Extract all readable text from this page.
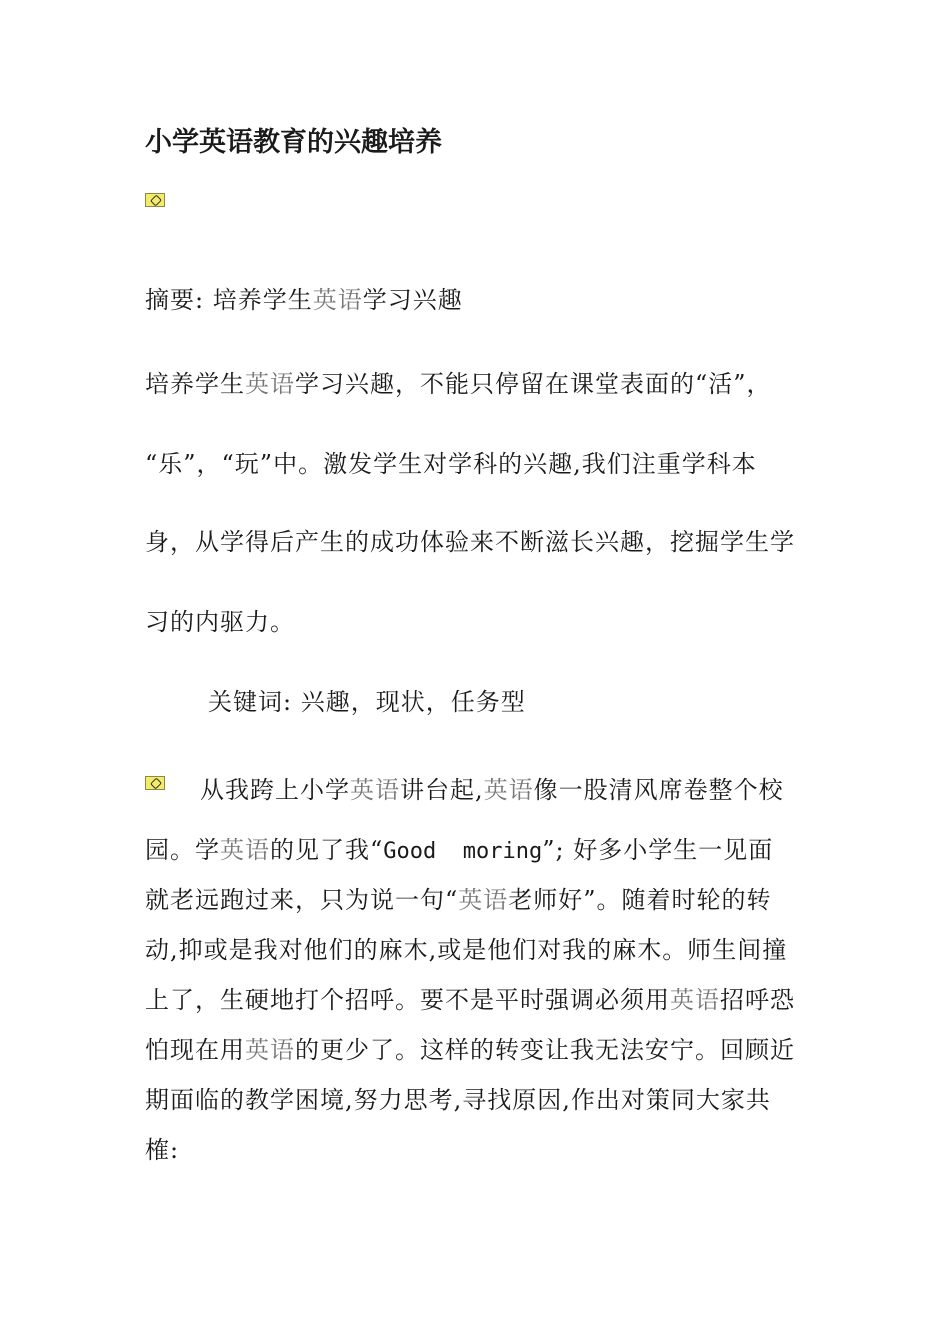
小学英语教育的兴趣培养
摘要: 培养学生英语学习兴趣
培养学生英语学习兴趣，不能只停留在课堂表面的“活”，
“乐”，“玩”中。激发学生对学科的兴趣,我们注重学科本
身，从学得后产生的成功体验来不断滋长兴趣，挖掘学生学
习的内驱力。
关键词: 兴趣，现状，任务型
从我跨上小学英语讲台起,英语像一股清风席卷整个校
园。学英语的见了我“Good  moring”; 好多小学生一见面
就老远跑过来，只为说一句“英语老师好”。随着时轮的转
动,抑或是我对他们的麻木,或是他们对我的麻木。师生间撞
上了，生硬地打个招呼。要不是平时强调必须用英语招呼恐
怕现在用英语的更少了。这样的转变让我无法安宁。回顾近
期面临的教学困境,努力思考,寻找原因,作出对策同大家共
榷:
